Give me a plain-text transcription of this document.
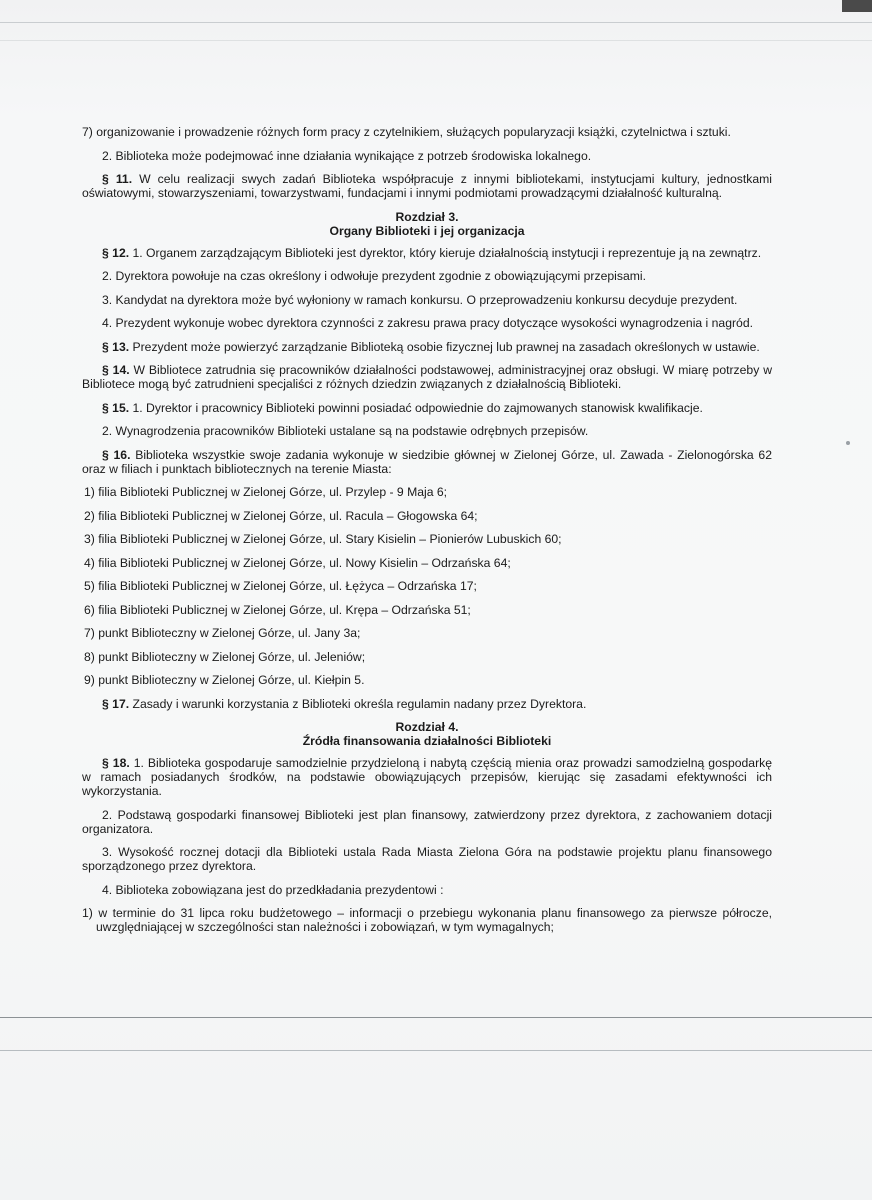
7) organizowanie i prowadzenie różnych form pracy z czytelnikiem, służących popularyzacji książki, czytelnictwa i sztuki.

2. Biblioteka może podejmować inne działania wynikające z potrzeb środowiska lokalnego.

§ 11. W celu realizacji swych zadań Biblioteka współpracuje z innymi bibliotekami, instytucjami kultury, jednostkami oświatowymi, stowarzyszeniami, towarzystwami, fundacjami i innymi podmiotami prowadzącymi działalność kulturalną.

Rozdział 3.
Organy Biblioteki i jej organizacja

§ 12. 1. Organem zarządzającym Biblioteki jest dyrektor, który kieruje działalnością instytucji i reprezentuje ją na zewnątrz.

2. Dyrektora powołuje na czas określony i odwołuje prezydent zgodnie z obowiązującymi przepisami.

3. Kandydat na dyrektora może być wyłoniony w ramach konkursu. O przeprowadzeniu konkursu decyduje prezydent.

4. Prezydent wykonuje wobec dyrektora czynności z zakresu prawa pracy dotyczące wysokości wynagrodzenia i nagród.

§ 13. Prezydent może powierzyć zarządzanie Biblioteką osobie fizycznej lub prawnej na zasadach określonych w ustawie.

§ 14. W Bibliotece zatrudnia się pracowników działalności podstawowej, administracyjnej oraz obsługi. W miarę potrzeby w Bibliotece mogą być zatrudnieni specjaliści z różnych dziedzin związanych z działalnością Biblioteki.

§ 15. 1. Dyrektor i pracownicy Biblioteki powinni posiadać odpowiednie do zajmowanych stanowisk kwalifikacje.

2. Wynagrodzenia pracowników Biblioteki ustalane są na podstawie odrębnych przepisów.

§ 16. Biblioteka wszystkie swoje zadania wykonuje w siedzibie głównej w Zielonej Górze, ul. Zawada - Zielonogórska 62 oraz w filiach i punktach bibliotecznych na terenie Miasta:

1) filia Biblioteki Publicznej w Zielonej Górze, ul. Przylep - 9 Maja 6;
2) filia Biblioteki Publicznej w Zielonej Górze, ul. Racula – Głogowska 64;
3) filia Biblioteki Publicznej w Zielonej Górze, ul. Stary Kisielin – Pionierów Lubuskich 60;
4) filia Biblioteki Publicznej w Zielonej Górze, ul. Nowy Kisielin – Odrzańska 64;
5) filia Biblioteki Publicznej w Zielonej Górze, ul. Łężyca – Odrzańska 17;
6) filia Biblioteki Publicznej w Zielonej Górze, ul. Krępa – Odrzańska 51;
7) punkt Biblioteczny w Zielonej Górze, ul. Jany 3a;
8) punkt Biblioteczny w Zielonej Górze, ul. Jeleniów;
9) punkt Biblioteczny w Zielonej Górze, ul. Kiełpin 5.

§ 17. Zasady i warunki korzystania z Biblioteki określa regulamin nadany przez Dyrektora.

Rozdział 4.
Źródła finansowania działalności Biblioteki

§ 18. 1. Biblioteka gospodaruje samodzielnie przydzieloną i nabytą częścią mienia oraz prowadzi samodzielną gospodarkę w ramach posiadanych środków, na podstawie obowiązujących przepisów, kierując się zasadami efektywności ich wykorzystania.

2. Podstawą gospodarki finansowej Biblioteki jest plan finansowy, zatwierdzony przez dyrektora, z zachowaniem dotacji organizatora.

3. Wysokość rocznej dotacji dla Biblioteki ustala Rada Miasta Zielona Góra na podstawie projektu planu finansowego sporządzonego przez dyrektora.

4. Biblioteka zobowiązana jest do przedkładania prezydentowi :

1) w terminie do 31 lipca roku budżetowego – informacji o przebiegu wykonania planu finansowego za pierwsze półrocze, uwzględniającej w szczególności stan należności i zobowiązań, w tym wymagalnych;
